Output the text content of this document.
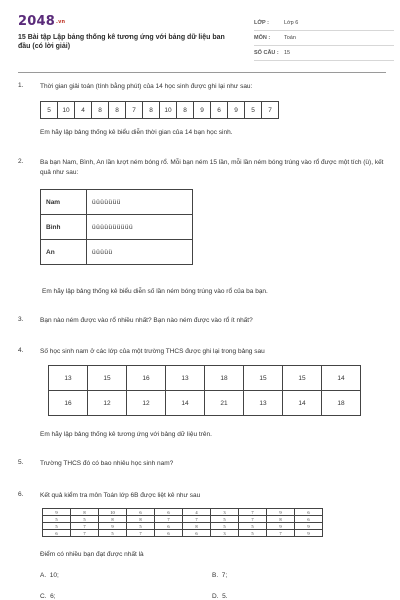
2048.vn
15 Bài tập Lập bảng thống kê tương ứng với bảng dữ liệu ban đầu (có lời giải)
LỚP :	Lớp 6
MÔN :	Toán
SỐ CÂU : 15
1.	Thời gian giải toán (tính bằng phút) của 14 học sinh được ghi lại như sau:
5	10	4	8	8	7	8	10	8	9	6	9	5	7
Em hãy lập bảng thống kê biểu diễn thời gian của 14 bạn học sinh.
2.	Ba bạn Nam, Bình, An lần lượt ném bóng rổ. Mỗi bạn ném 15 lần, mỗi lần ném bóng trúng vào rổ được một tích (ü), kết quả như sau:
Nam	üüüüüüü
Bình	üüüüüüüüüü
An	üüüüü
Em hãy lập bảng thống kê biểu diễn số lần ném bóng trúng vào rổ của ba bạn.
3.	Bạn nào ném được vào rổ nhiều nhất? Bạn nào ném được vào rổ ít nhất?
4.	Số học sinh nam ở các lớp của một trường THCS được ghi lại trong bảng sau
13	15	16	13	18	15	15	14
16	12	12	14	21	13	14	18
Em hãy lập bảng thống kê tương ứng với bảng dữ liệu trên.
5.	Trường THCS đó có bao nhiêu học sinh nam?
6.	Kết quả kiểm tra môn Toán lớp 6B được liệt kê như sau
9	8	10	6	6	4	3	7	9	6
5	5	8	8	7	7	5	7	8	6
5	7	9	5	6	8	5	5	9	9
6	7	5	7	6	6	3	5	7	9
Điểm có nhiều bạn đạt được nhất là
A. 10;	B. 7;
C. 6;	D. 5.
